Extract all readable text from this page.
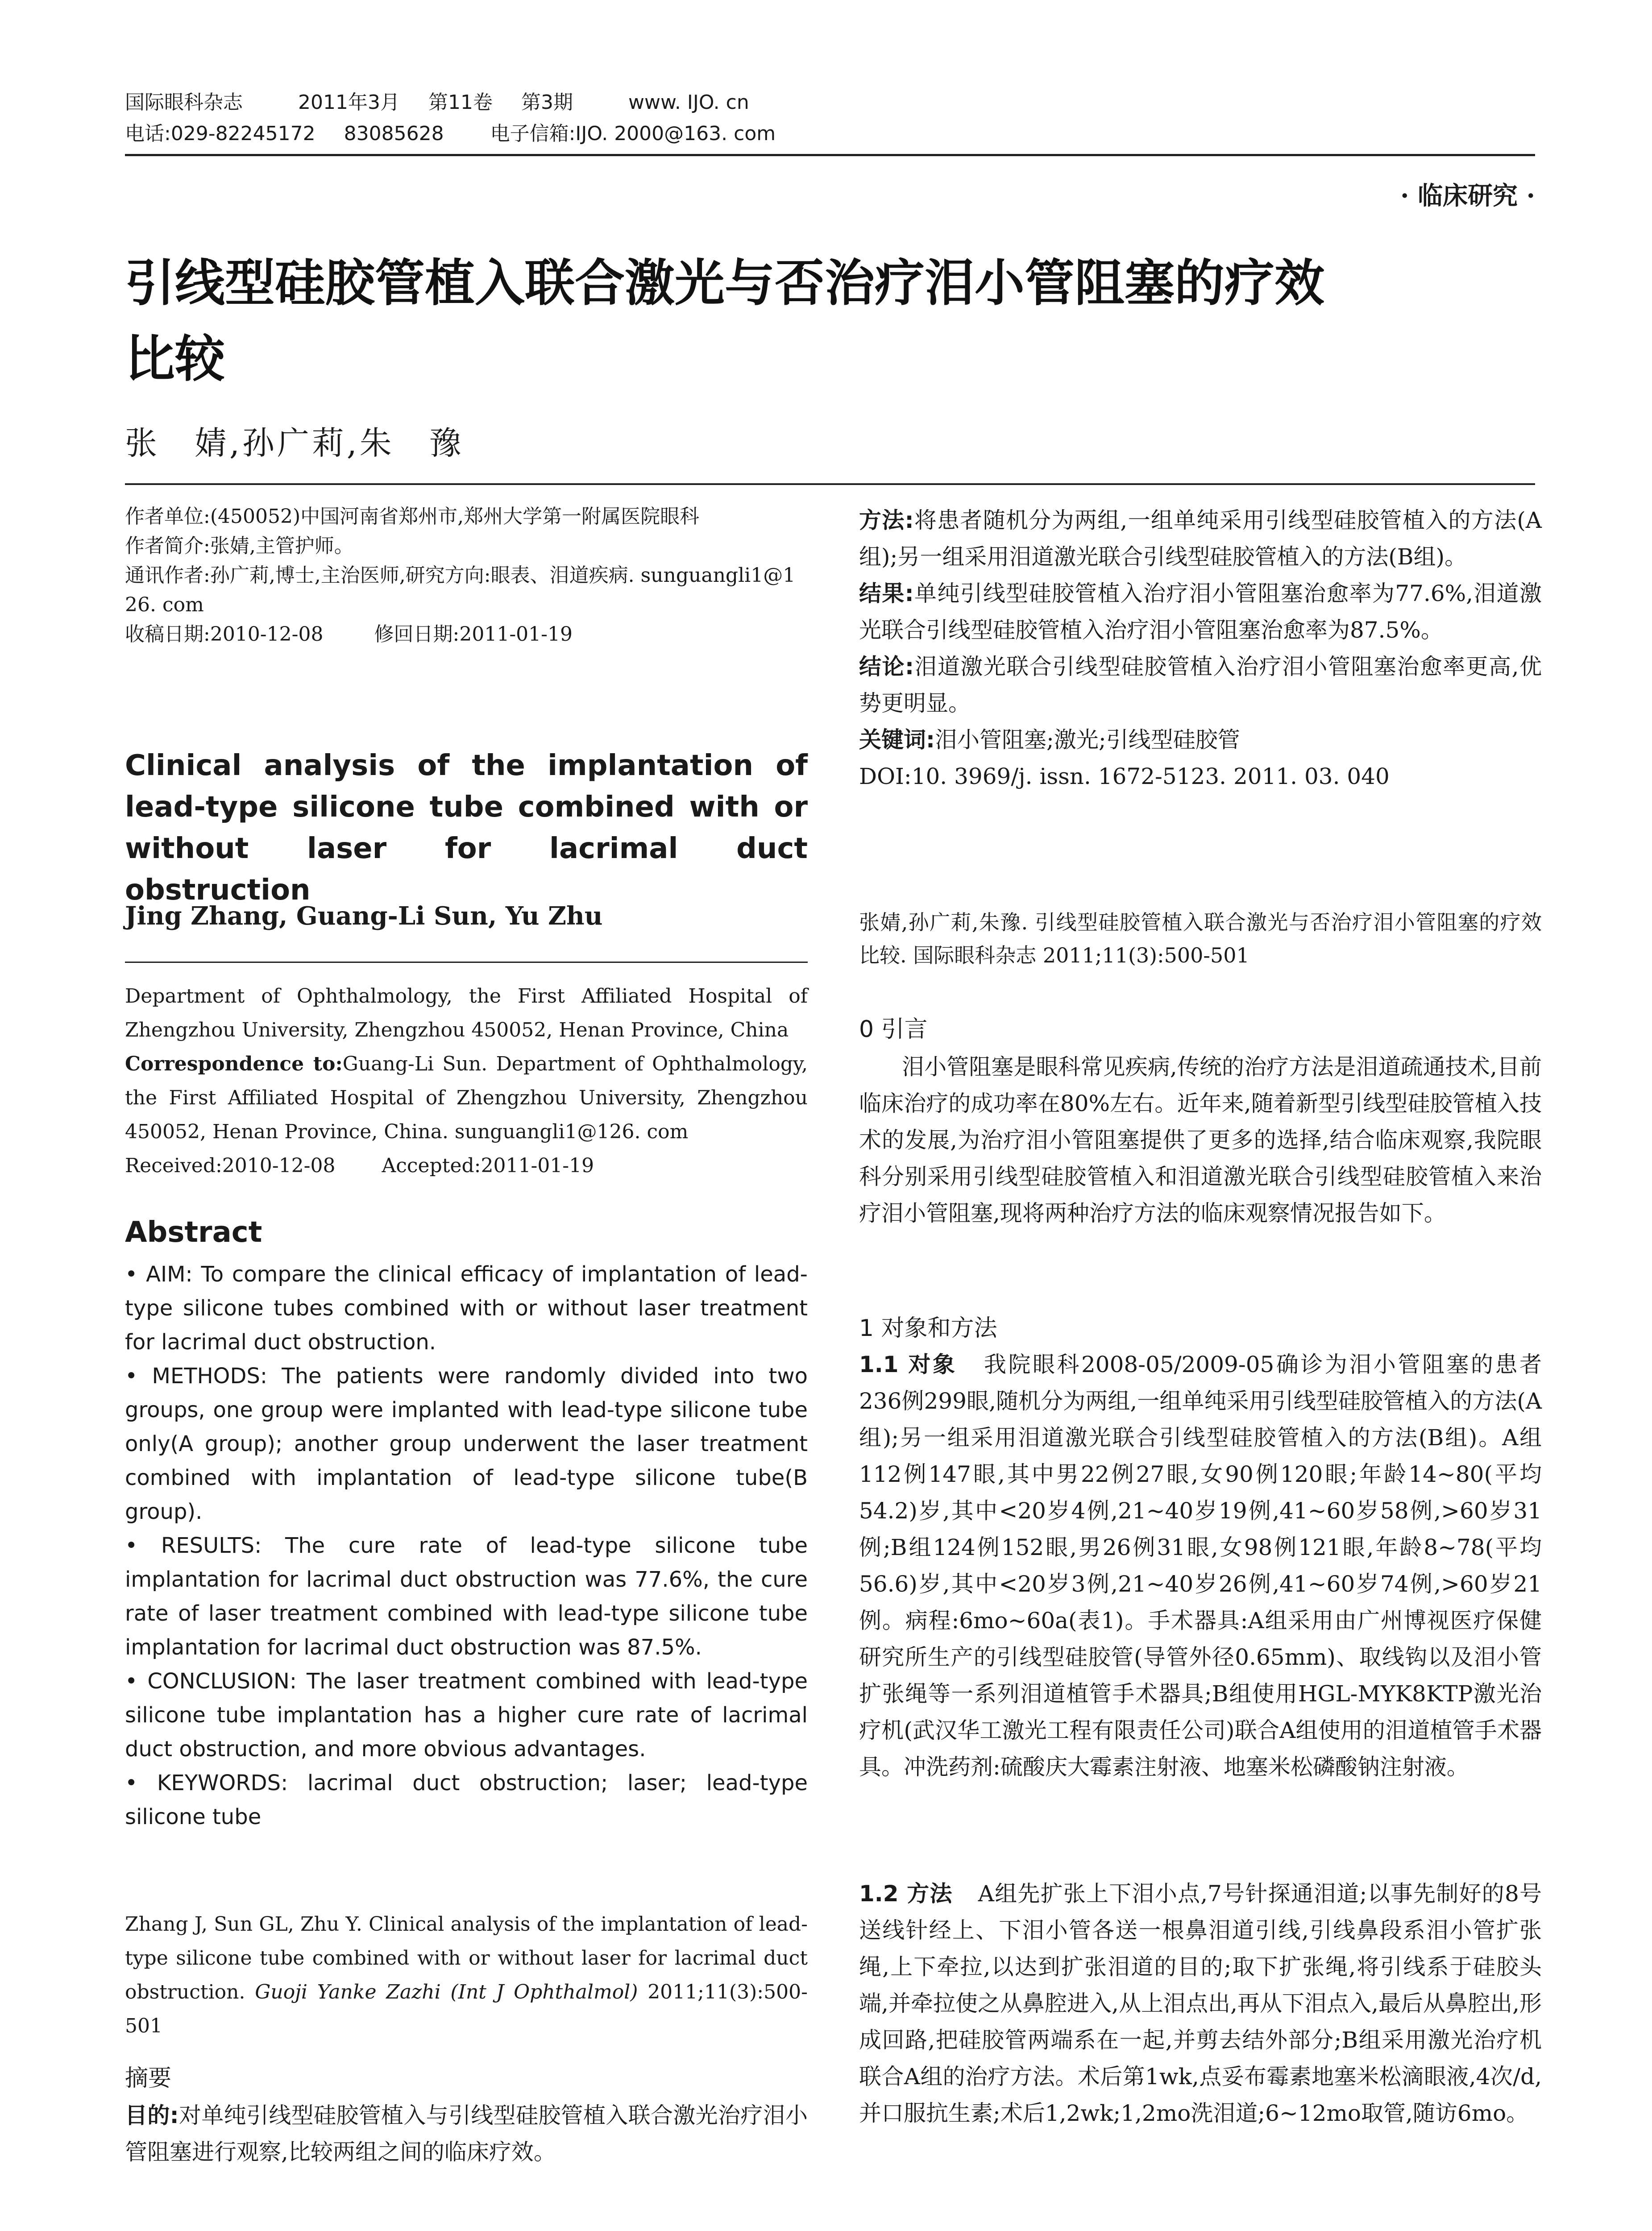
国际眼科杂志	2011年3月 第11卷 第3期	www. IJO. cn
电话:029-82245172 83085628 电子信箱:IJO. 2000@163. com
· 临床研究 ·
引线型硅胶管植入联合激光与否治疗泪小管阻塞的疗效
比较
张　婧,孙广莉,朱　豫

作者单位:(450052)中国河南省郑州市,郑州大学第一附属医院眼科

作者简介:张婧,主管护师。

通讯作者:孙广莉,博士,主治医师,研究方向:眼表、泪道疾病. sunguangli1@126. com

收稿日期:2010-12-08	修回日期:2011-01-19

Clinical analysis of the implantation of lead-type silicone tube combined with or without laser for lacrimal duct obstruction
Jing Zhang, Guang-Li Sun, Yu Zhu

Department of Ophthalmology, the First Affiliated Hospital of Zhengzhou University, Zhengzhou 450052, Henan Province, China

Correspondence to:Guang-Li Sun. Department of Ophthalmology, the First Affiliated Hospital of Zhengzhou University, Zhengzhou 450052, Henan Province, China. sunguangli1@126. com

Received:2010-12-08 Accepted:2011-01-19

Abstract

• AIM: To compare the clinical efficacy of implantation of lead-type silicone tubes combined with or without laser treatment for lacrimal duct obstruction.

• METHODS: The patients were randomly divided into two groups, one group were implanted with lead-type silicone tube only(A group); another group underwent the laser treatment combined with implantation of lead-type silicone tube(B group).

• RESULTS: The cure rate of lead-type silicone tube implantation for lacrimal duct obstruction was 77.6%, the cure rate of laser treatment combined with lead-type silicone tube implantation for lacrimal duct obstruction was 87.5%.

• CONCLUSION: The laser treatment combined with lead-type silicone tube implantation has a higher cure rate of lacrimal duct obstruction, and more obvious advantages.

• KEYWORDS: lacrimal duct obstruction; laser; lead-type silicone tube

Zhang J, Sun GL, Zhu Y. Clinical analysis of the implantation of lead-type silicone tube combined with or without laser for lacrimal duct obstruction. Guoji Yanke Zazhi (Int J Ophthalmol) 2011;11(3):500-501
摘要
目的:对单纯引线型硅胶管植入与引线型硅胶管植入联合激光治疗泪小管阻塞进行观察,比较两组之间的临床疗效。

方法:将患者随机分为两组,一组单纯采用引线型硅胶管植入的方法(A组);另一组采用泪道激光联合引线型硅胶管植入的方法(B组)。

结果:单纯引线型硅胶管植入治疗泪小管阻塞治愈率为77.6%,泪道激光联合引线型硅胶管植入治疗泪小管阻塞治愈率为87.5%。

结论:泪道激光联合引线型硅胶管植入治疗泪小管阻塞治愈率更高,优势更明显。

关键词:泪小管阻塞;激光;引线型硅胶管

DOI:10. 3969/j. issn. 1672-5123. 2011. 03. 040

张婧,孙广莉,朱豫. 引线型硅胶管植入联合激光与否治疗泪小管阻塞的疗效比较. 国际眼科杂志 2011;11(3):500-501
0 引言
泪小管阻塞是眼科常见疾病,传统的治疗方法是泪道疏通技术,目前临床治疗的成功率在80%左右。近年来,随着新型引线型硅胶管植入技术的发展,为治疗泪小管阻塞提供了更多的选择,结合临床观察,我院眼科分别采用引线型硅胶管植入和泪道激光联合引线型硅胶管植入来治疗泪小管阻塞,现将两种治疗方法的临床观察情况报告如下。
1 对象和方法
1.1 对象 我院眼科2008-05/2009-05确诊为泪小管阻塞的患者236例299眼,随机分为两组,一组单纯采用引线型硅胶管植入的方法(A组);另一组采用泪道激光联合引线型硅胶管植入的方法(B组)。A组112例147眼,其中男22例27眼,女90例120眼;年龄14~80(平均54.2)岁,其中<20岁4例,21~40岁19例,41~60岁58例,>60岁31例;B组124例152眼,男26例31眼,女98例121眼,年龄8~78(平均56.6)岁,其中<20岁3例,21~40岁26例,41~60岁74例,>60岁21例。病程:6mo~60a(表1)。手术器具:A组采用由广州博视医疗保健研究所生产的引线型硅胶管(导管外径0.65mm)、取线钩以及泪小管扩张绳等一系列泪道植管手术器具;B组使用HGL-MYK8KTP激光治疗机(武汉华工激光工程有限责任公司)联合A组使用的泪道植管手术器具。冲洗药剂:硫酸庆大霉素注射液、地塞米松磷酸钠注射液。
1.2 方法 A组先扩张上下泪小点,7号针探通泪道;以事先制好的8号送线针经上、下泪小管各送一根鼻泪道引线,引线鼻段系泪小管扩张绳,上下牵拉,以达到扩张泪道的目的;取下扩张绳,将引线系于硅胶头端,并牵拉使之从鼻腔进入,从上泪点出,再从下泪点入,最后从鼻腔出,形成回路,把硅胶管两端系在一起,并剪去结外部分;B组采用激光治疗机联合A组的治疗方法。术后第1wk,点妥布霉素地塞米松滴眼液,4次/d,并口服抗生素;术后1,2wk;1,2mo洗泪道;6~12mo取管,随访6mo。
